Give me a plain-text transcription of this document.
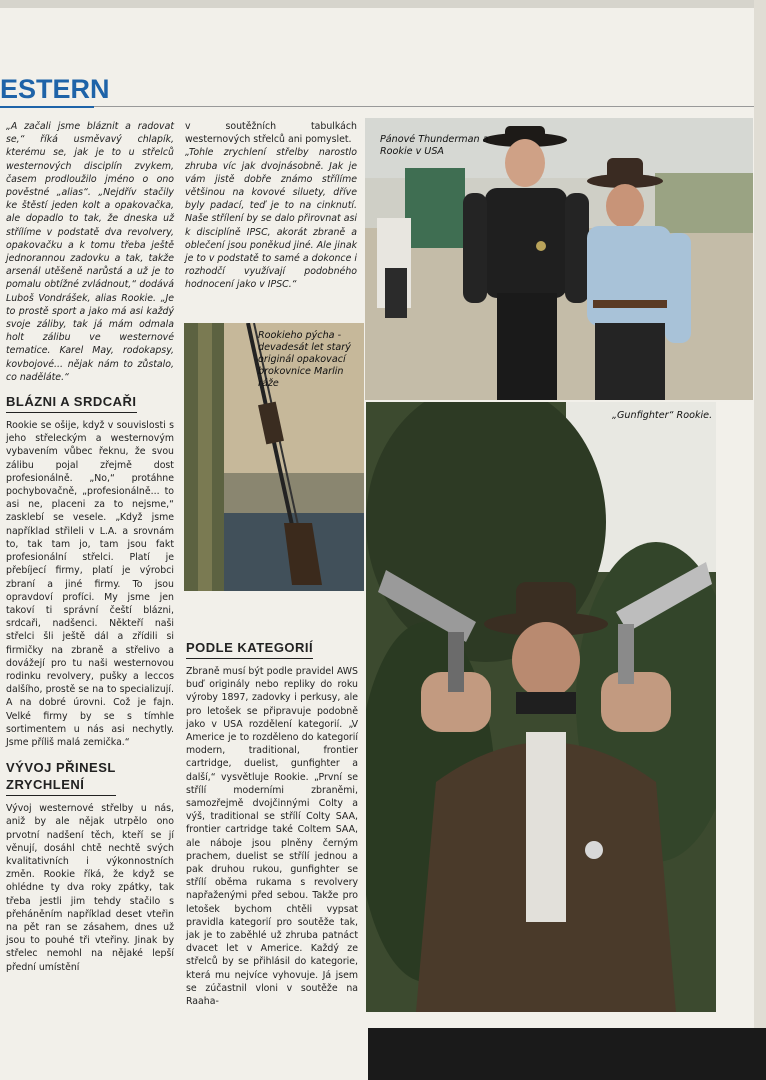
ESTERN

„A začali jsme bláznit a radovat se,“ říká usměvavý chlapík, kterému se, jak je to u střelců westernových disciplín zvykem, časem prodloužilo jméno o ono pověstné „alias“. „Nejdřív stačily ke štěstí jeden kolt a opakovačka, ale dopadlo to tak, že dneska už střílíme v podstatě dva revolvery, opakovačku a k tomu třeba ještě jednorannou zadovku a tak, takže arsenál utěšeně narůstá a už je to pomalu obtížné zvládnout,“ dodává Luboš Vondrášek, alias Rookie. „Je to prostě sport a jako má asi každý svoje záliby, tak já mám odmala holt zálibu ve westernové tematice. Karel May, rodokapsy, kovbojové... nějak nám to zůstalo, co naděláte.“

BLÁZNI A SRDCAŘI

Rookie se ošije, když v souvislosti s jeho střeleckým a westernovým vybavením vůbec řeknu, že svou zálibu pojal zřejmě dost profesionálně. „No,“ protáhne pochybovačně, „profesionálně... to asi ne, placeni za to nejsme,“ zasklebí se vesele. „Když jsme například střileli v L.A. a srovnám to, tak tam jo, tam jsou fakt profesionální střelci. Platí je přebíjecí firmy, platí je výrobci zbraní a jiné firmy. To jsou opravdoví profíci. My jsme jen takoví ti správní čeští blázni, srdcaři, nadšenci. Někteří naši střelci šli ještě dál a zřídili si firmičky na zbraně a střelivo a dovážejí pro tu naši westernovou rodinku revolvery, pušky a leccos dalšího, prostě se na to specializují. A na dobré úrovni. Což je fajn. Velké firmy by se s tímhle sortimentem u nás asi nechytly. Jsme příliš malá zemička.“

VÝVOJ PŘINESL
ZRYCHLENÍ

Vývoj westernové střelby u nás, aniž by ale nějak utrpělo ono prvotní nadšení těch, kteří se jí věnují, dosáhl chtě nechtě svých kvalitativních i výkonnostních změn. Rookie říká, že když se ohlédne ty dva roky zpátky, tak třeba jestli jim tehdy stačilo s přeháněním například deset vteřin na pět ran se zásahem, dnes už jsou to pouhé tři vteřiny. Jinak by střelec nemohl na nějaké lepší přední umístění

v soutěžních tabulkách westernových střelců ani pomyslet.

„Tohle zrychlení střelby narostlo zhruba víc jak dvojnásobně. Jak je vám jistě dobře známo střílíme většinou na kovové siluety, dříve byly padací, teď je to na cinknutí. Naše střílení by se dalo přirovnat asi k disciplíně IPSC, akorát zbraně a oblečení jsou poněkud jiné. Ale jinak je to v podstatě to samé a dokonce i rozhodčí využívají podobného hodnocení jako v IPSC.“

PODLE KATEGORIÍ

Zbraně musí být podle pravidel AWS buď originály nebo repliky do roku výroby 1897, zadovky i perkusy, ale pro letošek se připravuje podobně jako v USA rozdělení kategorií. „V Americe je to rozděleno do kategorií modern, traditional, frontier cartridge, duelist, gunfighter a další,“ vysvětluje Rookie. „První se střílí moderními zbraněmi, samozřejmě dvojčinnými Colty a výš, traditional se střílí Colty SAA, frontier cartridge také Coltem SAA, ale náboje jsou plněny černým prachem, duelist se střílí jednou a pak druhou rukou, gunfighter se střílí oběma rukama s revolvery napřaženými před sebou. Takže pro letošek bychom chtěli vypsat pravidla kategorií pro soutěže tak, jak je to zaběhlé už zhruba patnáct dvacet let v Americe. Každý ze střelců by se přihlásil do kategorie, která mu nejvíce vyhovuje. Já jsem se zúčastnil vloni v soutěže na Raaha-

Pánové Thunderman a Rookie v USA
Rookieho pýcha - devadesát let starý originál opakovací brokovnice Marlin ráže
„Gunfighter“ Rookie.
